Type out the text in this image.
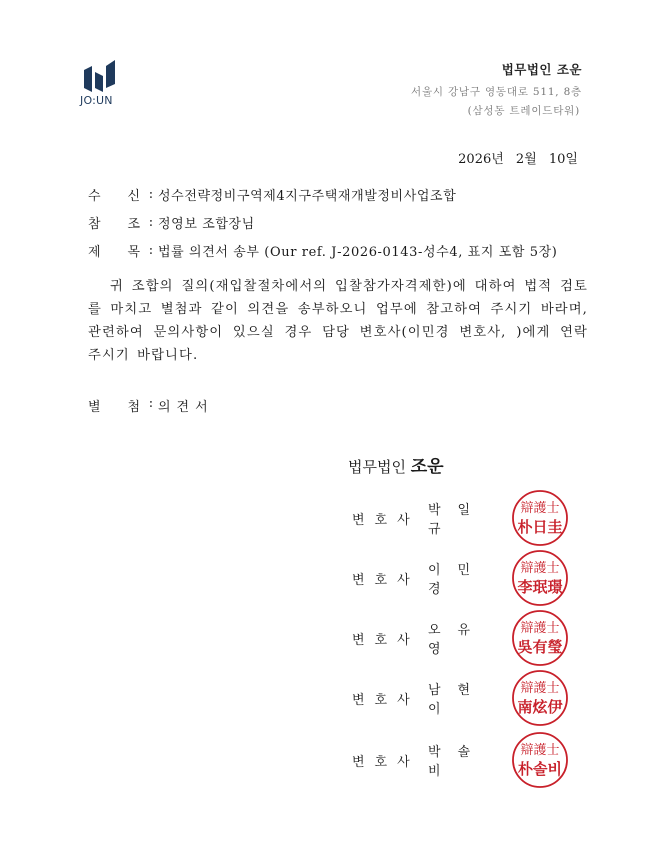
JO:UN
법무법인 조운
서울시 강남구 영동대로 511, 8층
(삼성동 트레이드타워)
2026년 2월 10일
수 신 : 성수전략정비구역제4지구주택재개발정비사업조합
참 조 : 정영보 조합장님
제 목 : 법률 의견서 송부 (Our ref. J-2026-0143-성수4, 표지 포함 5장)
귀 조합의 질의(재입찰절차에서의 입찰참가자격제한)에 대하여 법적 검토를 마치고 별첨과 같이 의견을 송부하오니 업무에 참고하여 주시기 바라며, 관련하여 문의사항이 있으실 경우 담당 변호사(이민경 변호사, )에게 연락 주시기 바랍니다.
별 첨 : 의견서
법무법인 조운
변호사
박일규
辯護士
朴日圭
변호사
이민경
辯護士
李珉璟
변호사
오유영
辯護士
吳有瑩
변호사
남현이
辯護士
南炫伊
변호사
박솔비
辯護士
朴솔비
